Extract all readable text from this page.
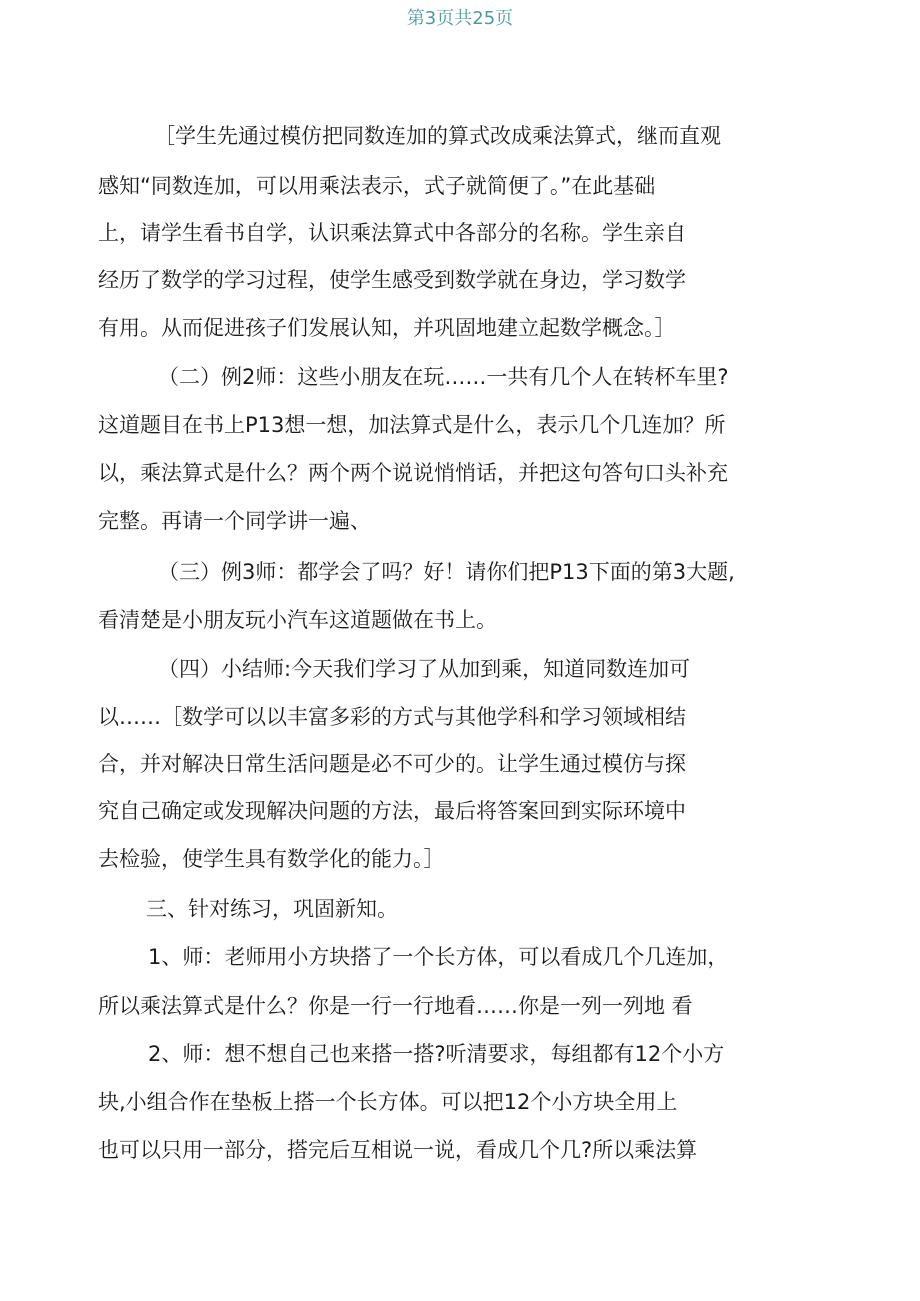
第3页共25页
［学生先通过模仿把同数连加的算式改成乘法算式，继而直观
感知“同数连加，可以用乘法表示，式子就简便了。”在此基础
上，请学生看书自学，认识乘法算式中各部分的名称。学生亲自
经历了数学的学习过程，使学生感受到数学就在身边，学习数学
有用。从而促进孩子们发展认知，并巩固地建立起数学概念。］
（二）例2师：这些小朋友在玩……一共有几个人在转杯车里?
这道题目在书上P13想一想，加法算式是什么，表示几个几连加？所
以，乘法算式是什么？两个两个说说悄悄话，并把这句答句口头补充
完整。再请一个同学讲一遍、
（三）例3师：都学会了吗？好！请你们把P13下面的第3大题,
看清楚是小朋友玩小汽车这道题做在书上。
（四）小结师:今天我们学习了从加到乘，知道同数连加可
以……［数学可以以丰富多彩的方式与其他学科和学习领域相结
合，并对解决日常生活问题是必不可少的。让学生通过模仿与探
究自己确定或发现解决问题的方法，最后将答案回到实际环境中
去检验，使学生具有数学化的能力。］
三、针对练习，巩固新知。
1、师：老师用小方块搭了一个长方体，可以看成几个几连加，
所以乘法算式是什么？你是一行一行地看……你是一列一列地 看
2、师：想不想自己也来搭一搭?听清要求，每组都有12个小方
块,小组合作在垫板上搭一个长方体。可以把12个小方块全用上
也可以只用一部分，搭完后互相说一说，看成几个几?所以乘法算
